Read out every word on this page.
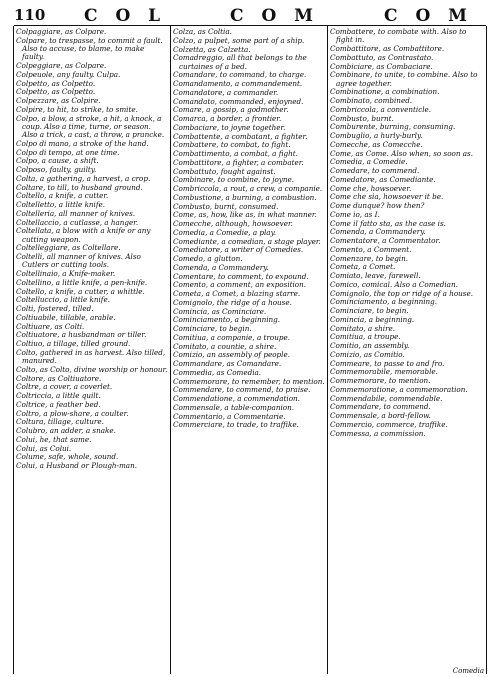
110 C O L	C O M	C O M

Colpaggiare, as Colpare.

Colpare, to trespasse, to commit a fault. Also to accuse, to blame, to make faulty.

Colpeggiare, as Colpare.

Colpeuole, any faulty. Culpa.

Colpetto, as Colpetto.

Colpetto, as Colpetto.

Colpezzare, as Colpire.

Colpire, to hit, to strike, to smite.

Colpo, a blow, a stroke, a hit, a knock, a coup. Also a time, turne, or season. Also a trick, a cast, a throw, a prancke.

Colpo di mano, a stroke of the hand.

Colpo di tempo, at one time.

Colpo, a cause, a shift.

Colposo, faulty, guilty.

Colta, a gathering, a harvest, a crop.

Coltare, to till, to husband ground.

Coltello, a knife, a cutter.

Coltelletto, a little knife.

Coltelleria, all manner of knives.

Coltellaccio, a cutlasse, a hanger.

Coltellata, a blow with a knife or any cutting weapon.

Coltelleggiare, as Coltellare.

Coltelli, all manner of knives. Also Cutlers or cutting tools.

Coltellinaio, a Knife-maker.

Coltellino, a little knife, a pen-knife.

Coltello, a knife, a cutter, a whittle.

Coltellucciо, a little knife.

Colti, fostered, tilled.

Coltiuabile, tillable, arable.

Coltiuare, as Colti.

Coltiuatore, a husbandman or tiller.

Coltiuo, a tillage, tilled ground.

Colto, gathered in as harvest. Also tilled, manured.

Colto, as Colto, divine worship or honour.

Coltore, as Coltiuatore.

Coltre, a cover, a coverlet.

Coltricciа, a little quilt.

Coltrice, a feather bed.

Coltro, a plow-share, a coulter.

Coltura, tillage, culture.

Colubro, an adder, a snake.

Colui, he, that same.

Colui, as Colui.

Colume, safe, whole, sound.

Colui, a Husband or Plough-man.

Colza, as Coltia.

Colzo, a pulpet, some part of a ship.

Colzetta, as Calzetta.

Comadreggio, all that belongs to the curtaines of a bed.

Comandare, to command, to charge.

Comandamento, a commandement.

Comandatore, a commander.

Comandato, commanded, enjoyned.

Comare, a gossip, a godmother.

Comarca, a border, a frontier.

Combaciare, to joyne together.

Combattente, a combatant, a fighter.

Combattere, to combat, to fight.

Combattimento, a combat, a fight.

Combattitore, a fighter, a combater.

Combattuto, fought against.

Combinare, to combine, to joyne.

Combriccola, a rout, a crew, a companie.

Combustione, a burning, a combustion.

Combusto, burnt, consumed.

Come, as, how, like as, in what manner.

Comecche, although, howsoever.

Comedia, a Comedie, a play.

Comediante, a comedian, a stage player.

Comediatore, a writer of Comedies.

Comedo, a glutton.

Comenda, a Commandery.

Comentare, to comment, to expound.

Comento, a comment, an exposition.

Cometa, a Comet, a blazing starre.

Comignolo, the ridge of a house.

Comincia, as Cominciare.

Cominciamento, a beginning.

Cominciare, to begin.

Comitiua, a companie, a troupe.

Comitato, a countie, a shire.

Comizio, an assembly of people.

Commandare, as Comandare.

Commedia, as Comedia.

Commemorare, to remember, to mention.

Commendare, to commend, to praise.

Commendatione, a commendation.

Commensale, a table-companion.

Commentario, a Commentarie.

Commerciare, to trade, to traffike.

Combattere, to combate with. Also to fight in.

Combattitore, as Combattitore.

Combattuto, as Contrastato.

Combiciare, as Combaciare.

Combinare, to unite, to combine. Also to agree together.

Combinatione, a combination.

Combinato, combined.

Combriccola, a conventicle.

Combusto, burnt.

Comburente, burning, consuming.

Combuglio, a hurly-burly.

Comecche, as Comecche.

Come, as Come. Also when, so soon as.

Comedia, a Comedie.

Comedare, to commend.

Comedatore, as Comediante.

Come che, howsoever.

Come che sia, howsoever it be.

Come dunque? how then?

Come io, as I.

Come il fatto sta, as the case is.

Comenda, a Commandery.

Comentatore, a Commentator.

Comento, a Comment.

Comenzare, to begin.

Cometa, a Comet.

Comiato, leave, farewell.

Comico, comical. Also a Comedian.

Comignolo, the top or ridge of a house.

Cominciamento, a beginning.

Cominciare, to begin.

Comincia, a beginning.

Comitato, a shire.

Comitiua, a troupe.

Comitio, an assembly.

Comizio, as Comitio.

Commeare, to passe to and fro.

Commemorabile, memorable.

Commemorare, to mention.

Commemoratione, a commemoration.

Commendabile, commendable.

Commendare, to commend.

Commensale, a bord-fellow.

Commercio, commerce, traffike.

Commessa, a commission.

Comedia
